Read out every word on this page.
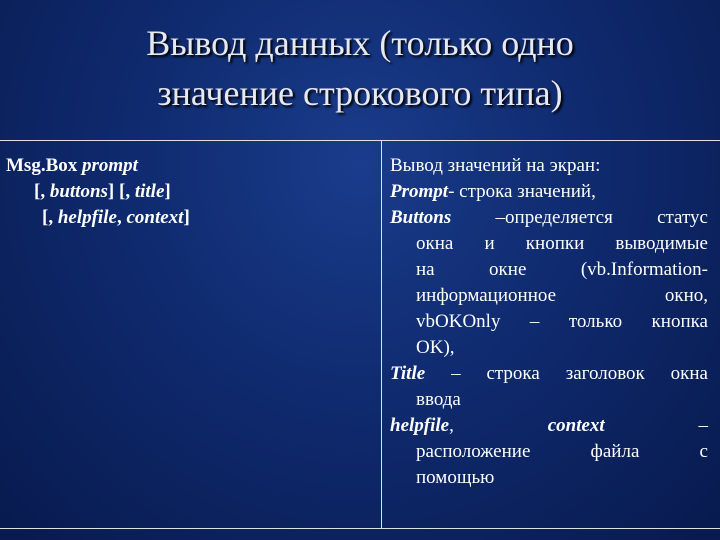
Вывод данных (только одно
значение строкового типа)
Msg.Box prompt
[, buttons] [, title]
[, helpfile, context]
Вывод значений на экран:
Prompt- строка значений,
Buttons –определяется статус
окна и кнопки выводимые
на окне (vb.Information-
информационное окно,
vbOKOnly – только кнопка
OK),
Title – строка заголовок окна
ввода
helpfile,	context	–
расположение файла с
помощью
